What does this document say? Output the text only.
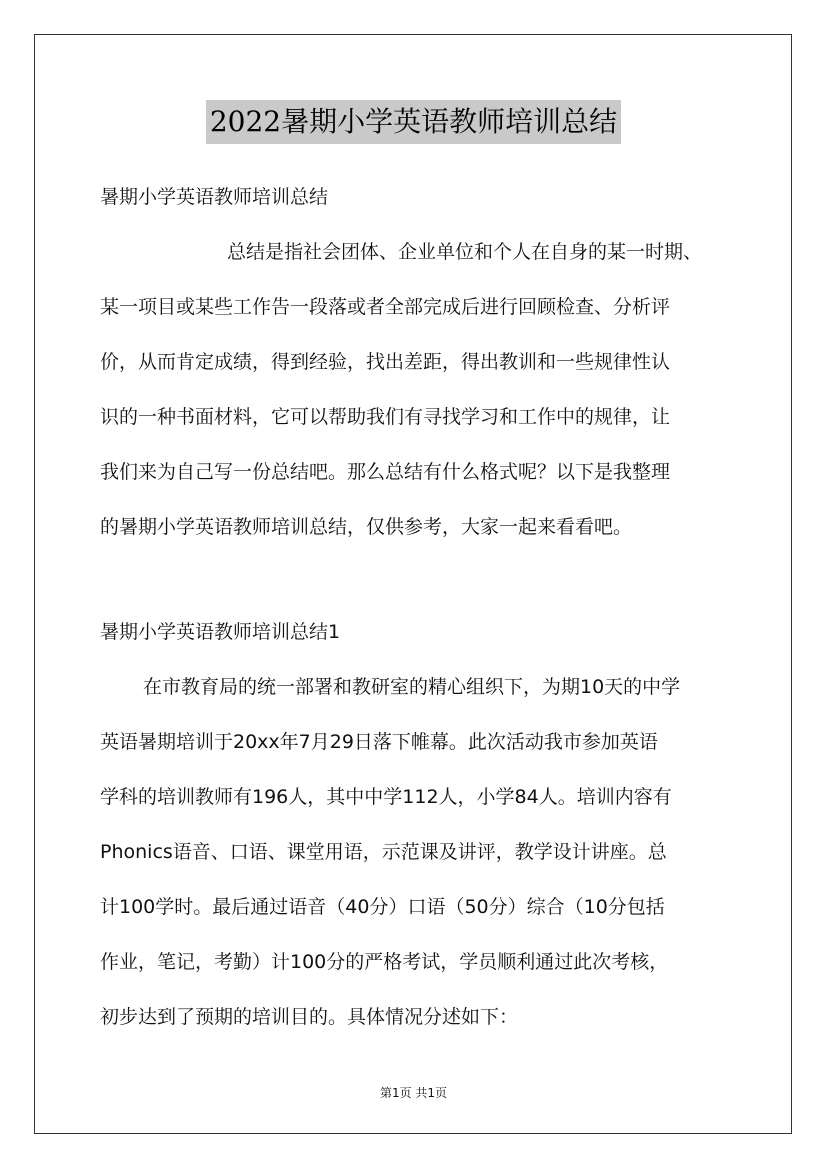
2022暑期小学英语教师培训总结
暑期小学英语教师培训总结
总结是指社会团体、企业单位和个人在自身的某一时期、
某一项目或某些工作告一段落或者全部完成后进行回顾检查、分析评
价，从而肯定成绩，得到经验，找出差距，得出教训和一些规律性认
识的一种书面材料，它可以帮助我们有寻找学习和工作中的规律，让
我们来为自己写一份总结吧。那么总结有什么格式呢？以下是我整理
的暑期小学英语教师培训总结，仅供参考，大家一起来看看吧。
暑期小学英语教师培训总结1
在市教育局的统一部署和教研室的精心组织下，为期10天的中学
英语暑期培训于20xx年7月29日落下帷幕。此次活动我市参加英语
学科的培训教师有196人，其中中学112人，小学84人。培训内容有
Phonics语音、口语、课堂用语，示范课及讲评，教学设计讲座。总
计100学时。最后通过语音（40分）口语（50分）综合（10分包括
作业，笔记，考勤）计100分的严格考试，学员顺利通过此次考核，
初步达到了预期的培训目的。具体情况分述如下：
第1页 共1页
